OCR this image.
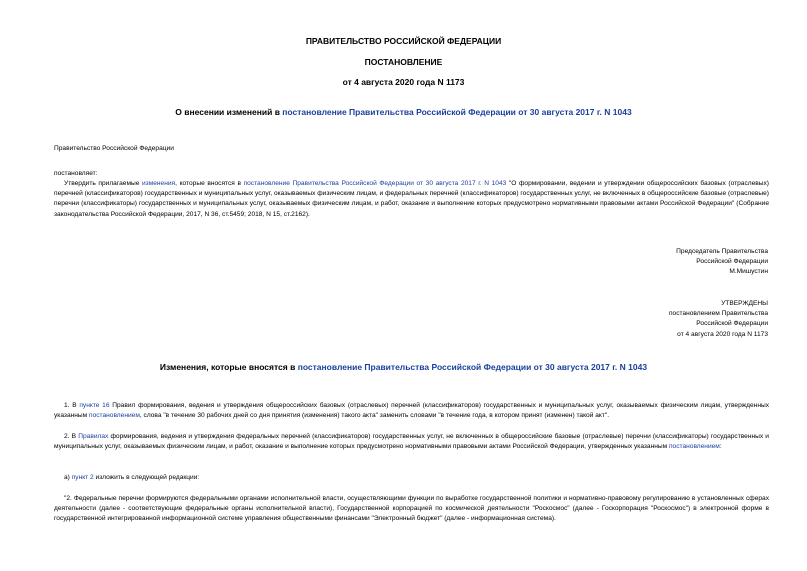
ПРАВИТЕЛЬСТВО РОССИЙСКОЙ ФЕДЕРАЦИИ
ПОСТАНОВЛЕНИЕ
от 4 августа 2020 года N 1173
О внесении изменений в постановление Правительства Российской Федерации от 30 августа 2017 г. N 1043
Правительство Российской Федерации
постановляет:
Утвердить прилагаемые изменения, которые вносятся в постановление Правительства Российской Федерации от 30 августа 2017 г. N 1043 "О формировании, ведении и утверждении общероссийских базовых (отраслевых) перечней (классификаторов) государственных и муниципальных услуг, оказываемых физическим лицам, и федеральных перечней (классификаторов) государственных услуг, не включенных в общероссийские базовые (отраслевые) перечни (классификаторы) государственных и муниципальных услуг, оказываемых физическим лицам, и работ, оказание и выполнение которых предусмотрено нормативными правовыми актами Российской Федерации" (Собрание законодательства Российской Федерации, 2017, N 36, ст.5459; 2018, N 15, ст.2162).
Председатель Правительства
Российской Федерации
М.Мишустин
УТВЕРЖДЕНЫ
постановлением Правительства
Российской Федерации
от 4 августа 2020 года N 1173
Изменения, которые вносятся в постановление Правительства Российской Федерации от 30 августа 2017 г. N 1043
1. В пункте 16 Правил формирования, ведения и утверждения общероссийских базовых (отраслевых) перечней (классификаторов) государственных и муниципальных услуг, оказываемых физическим лицам, утвержденных указанным постановлением, слова "в течение 30 рабочих дней со дня принятия (изменения) такого акта" заменить словами "в течение года, в котором принят (изменен) такой акт".
2. В Правилах формирования, ведения и утверждения федеральных перечней (классификаторов) государственных услуг, не включенных в общероссийские базовые (отраслевые) перечни (классификаторы) государственных и муниципальных услуг, оказываемых физическим лицам, и работ, оказание и выполнение которых предусмотрено нормативными правовыми актами Российской Федерации, утвержденных указанным постановлением:
а) пункт 2 изложить в следующей редакции:
"2. Федеральные перечни формируются федеральными органами исполнительной власти, осуществляющими функции по выработке государственной политики и нормативно-правовому регулированию в установленных сферах деятельности (далее - соответствующие федеральные органы исполнительной власти), Государственной корпорацией по космической деятельности "Роскосмос" (далее - Госкорпорация "Роскосмос") в электронной форме в государственной интегрированной информационной системе управления общественными финансами "Электронный бюджет" (далее - информационная система).
